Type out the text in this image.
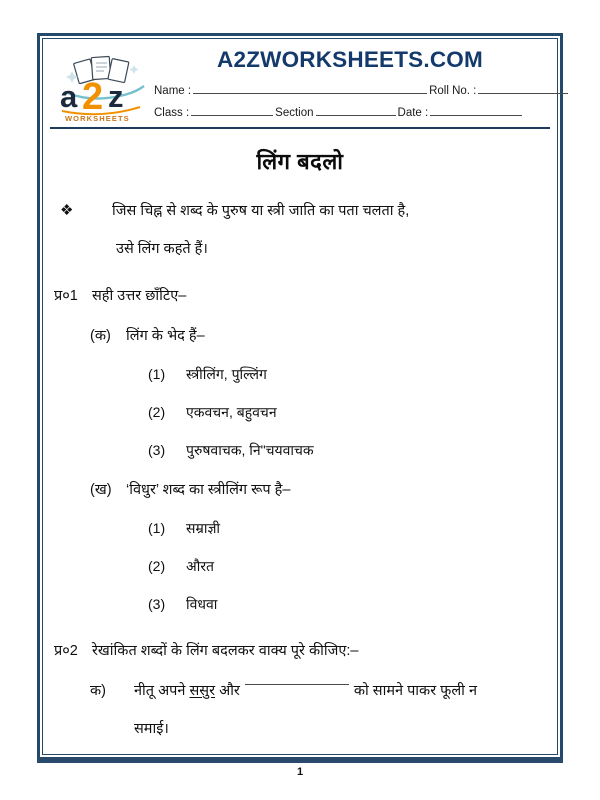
a 2 z
WORKSHEETS
A2ZWORKSHEETS.COM
Name :	Roll No. :
Class :	Section	Date :
लिंग बदलो
❖	जिस चिह्न से शब्द के पुरुष या स्त्री जाति का पता चलता है,
उसे लिंग कहते हैं।
प्र०1 सही उत्तर छाँटिए–
(क) लिंग के भेद हैं–
(1) स्त्रीलिंग, पुल्लिंग
(2) एकवचन, बहुवचन
(3) पुरुषवाचक, नि"चयवाचक
(ख) ‘विधुर’ शब्द का स्त्रीलिंग रूप है–
(1) सम्राज्ञी
(2) औरत
(3) विधवा
प्र०2 रेखांकित शब्दों के लिंग बदलकर वाक्य पूरे कीजिए:–
क) नीतू अपने ससुर और	को सामने पाकर फूली न
समाई।
1
